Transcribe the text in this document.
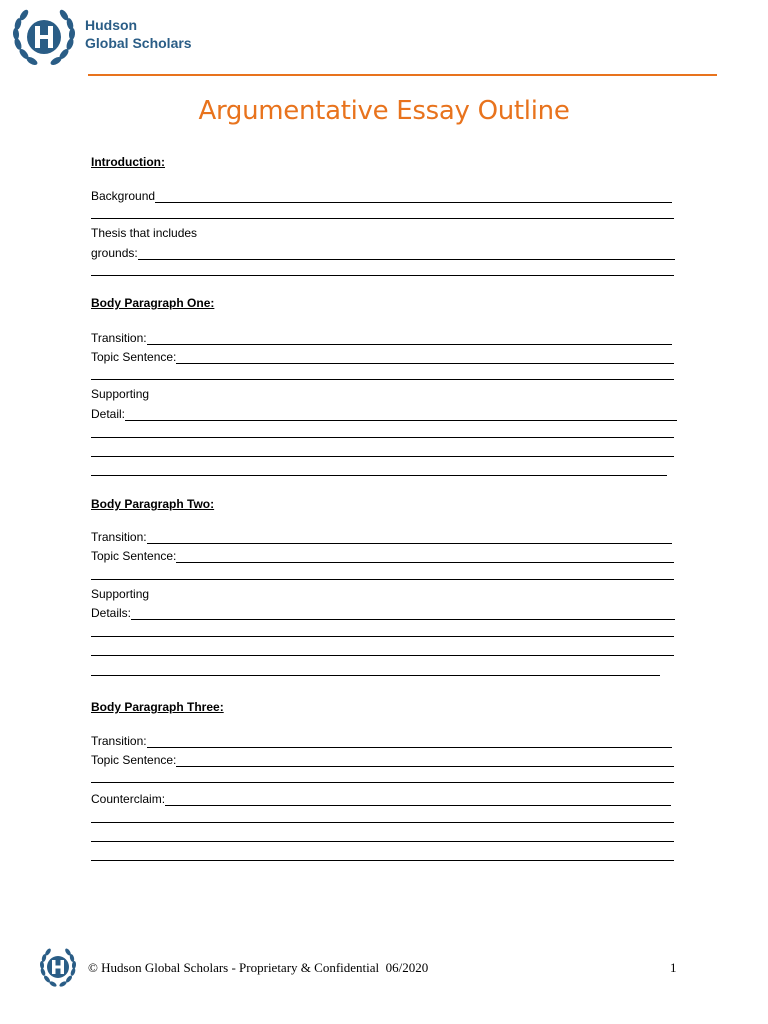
Hudson
Global Scholars
Argumentative Essay Outline
Introduction:
Background
Thesis that includes
grounds:
Body Paragraph One:
Transition:
Topic Sentence:
Supporting
Detail:
Body Paragraph Two:
Transition:
Topic Sentence:
Supporting
Details:
Body Paragraph Three:
Transition:
Topic Sentence:
Counterclaim:
© Hudson Global Scholars - Proprietary & Confidential  06/2020	1
